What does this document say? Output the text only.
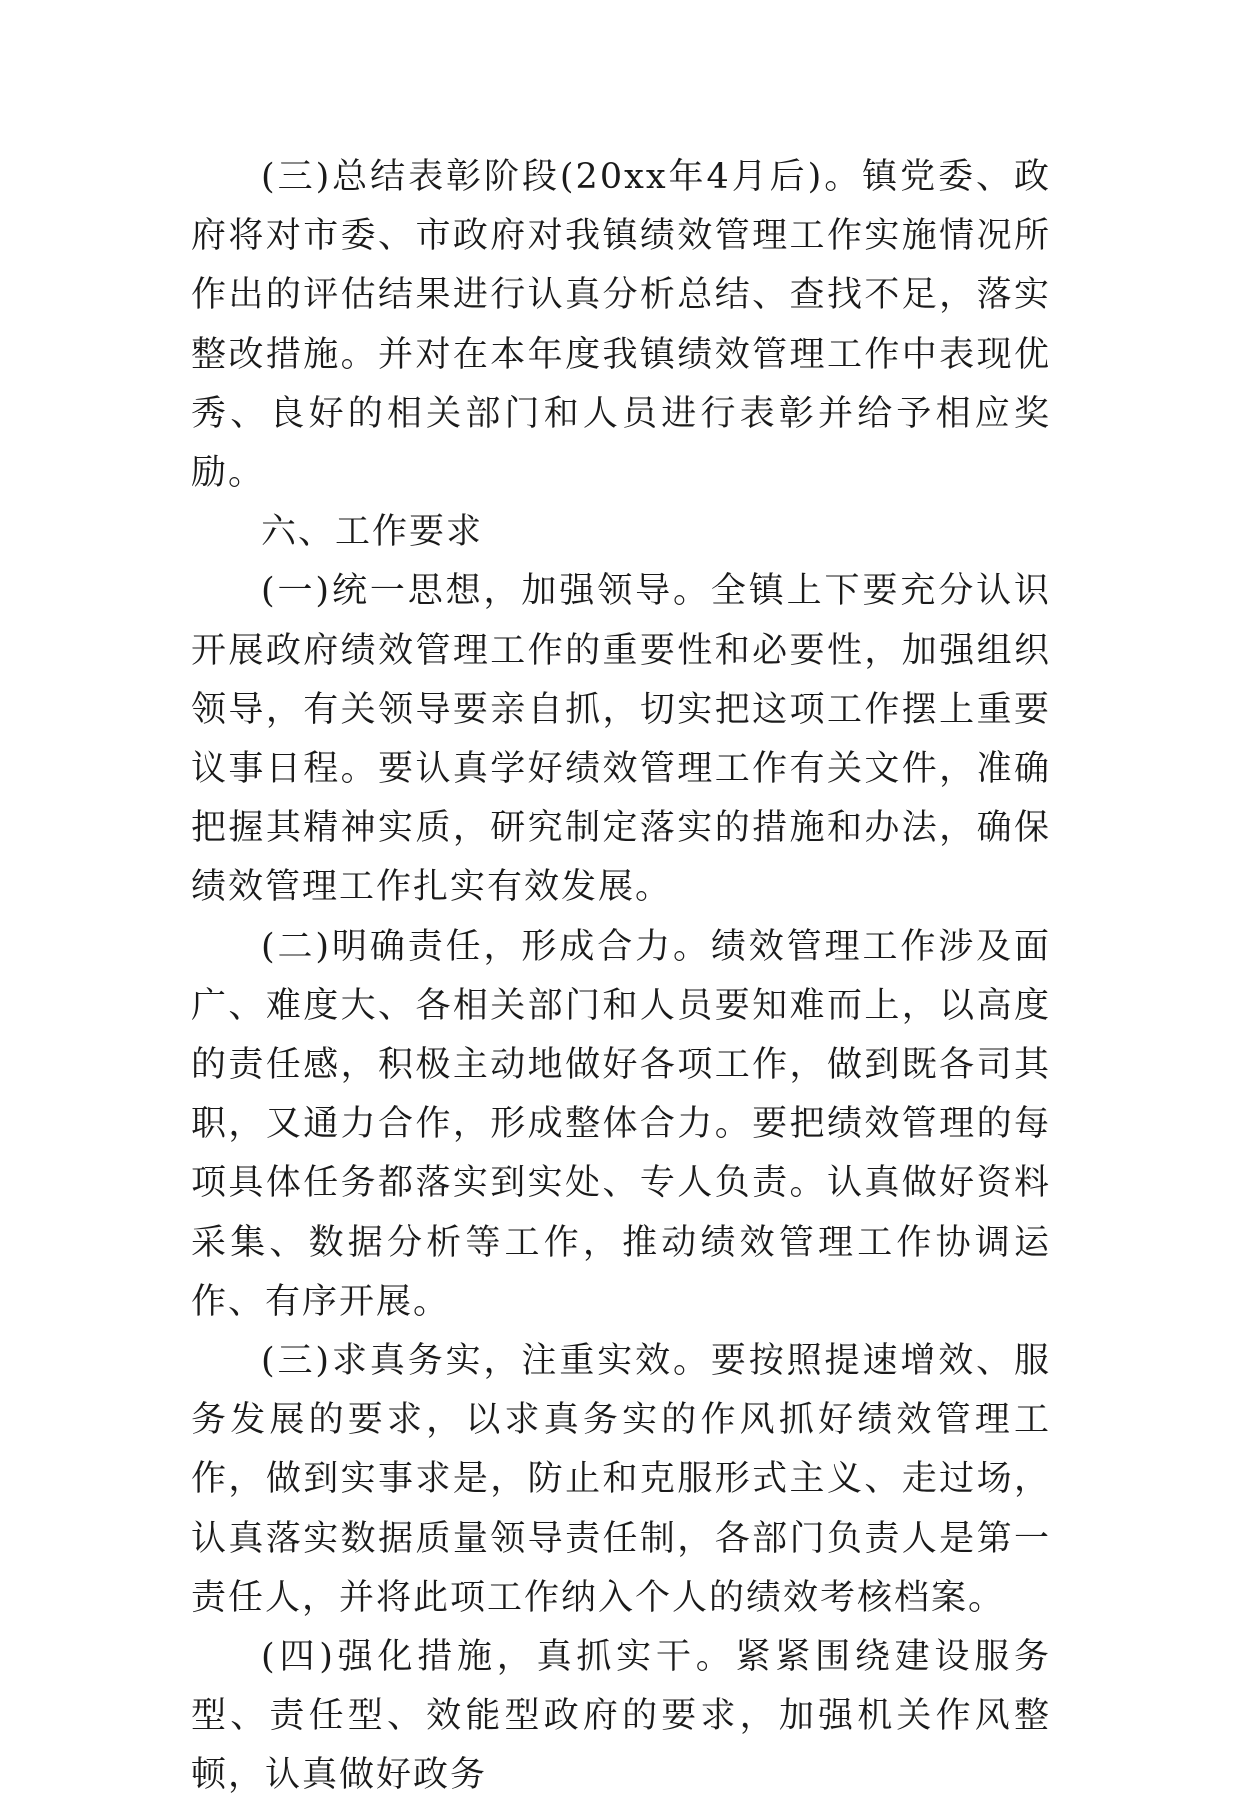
(三)总结表彰阶段(20xx年4月后)。镇党委、政府将对市委、市政府对我镇绩效管理工作实施情况所作出的评估结果进行认真分析总结、查找不足，落实整改措施。并对在本年度我镇绩效管理工作中表现优秀、良好的相关部门和人员进行表彰并给予相应奖励。

六、工作要求

(一)统一思想，加强领导。全镇上下要充分认识开展政府绩效管理工作的重要性和必要性，加强组织领导，有关领导要亲自抓，切实把这项工作摆上重要议事日程。要认真学好绩效管理工作有关文件，准确把握其精神实质，研究制定落实的措施和办法，确保绩效管理工作扎实有效发展。

(二)明确责任，形成合力。绩效管理工作涉及面广、难度大、各相关部门和人员要知难而上，以高度的责任感，积极主动地做好各项工作，做到既各司其职，又通力合作，形成整体合力。要把绩效管理的每项具体任务都落实到实处、专人负责。认真做好资料采集、数据分析等工作，推动绩效管理工作协调运作、有序开展。

(三)求真务实，注重实效。要按照提速增效、服务发展的要求，以求真务实的作风抓好绩效管理工作，做到实事求是，防止和克服形式主义、走过场，认真落实数据质量领导责任制，各部门负责人是第一责任人，并将此项工作纳入个人的绩效考核档案。

(四)强化措施，真抓实干。紧紧围绕建设服务型、责任型、效能型政府的要求，加强机关作风整顿，认真做好政务
